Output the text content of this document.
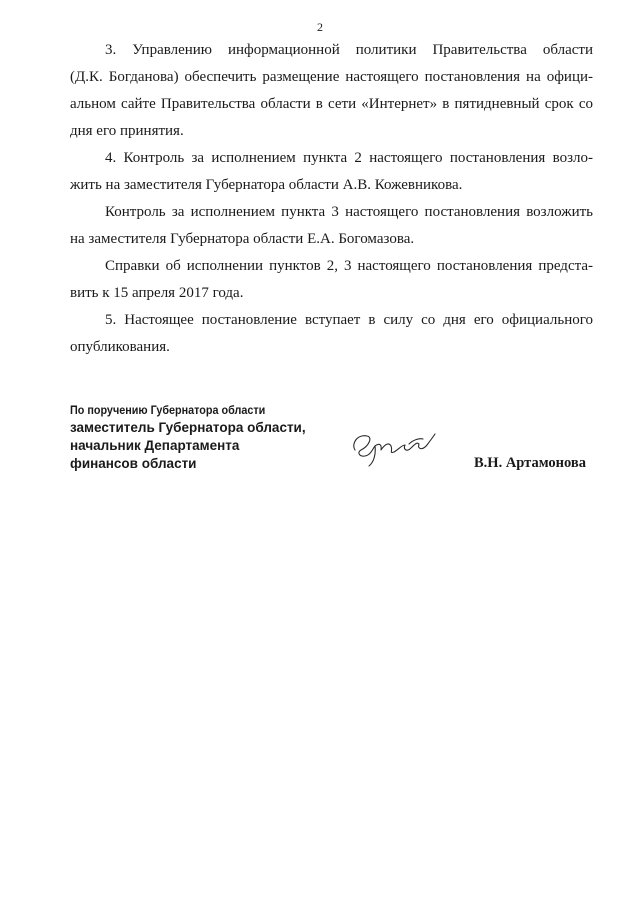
2
3. Управлению информационной политики Правительства области
(Д.К. Богданова) обеспечить размещение настоящего постановления на офици-
альном сайте Правительства области в сети «Интернет» в пятидневный срок со
дня его принятия.
4. Контроль за исполнением пункта 2 настоящего постановления возло-
жить на заместителя Губернатора области А.В. Кожевникова.
Контроль за исполнением пункта 3 настоящего постановления возложить
на заместителя Губернатора области Е.А. Богомазова.
Справки об исполнении пунктов 2, 3 настоящего постановления предста-
вить к 15 апреля 2017 года.
5. Настоящее постановление вступает в силу со дня его официального
опубликования.
По поручению Губернатора области
заместитель Губернатора области,
начальник Департамента
финансов области	В.Н. Артамонова
